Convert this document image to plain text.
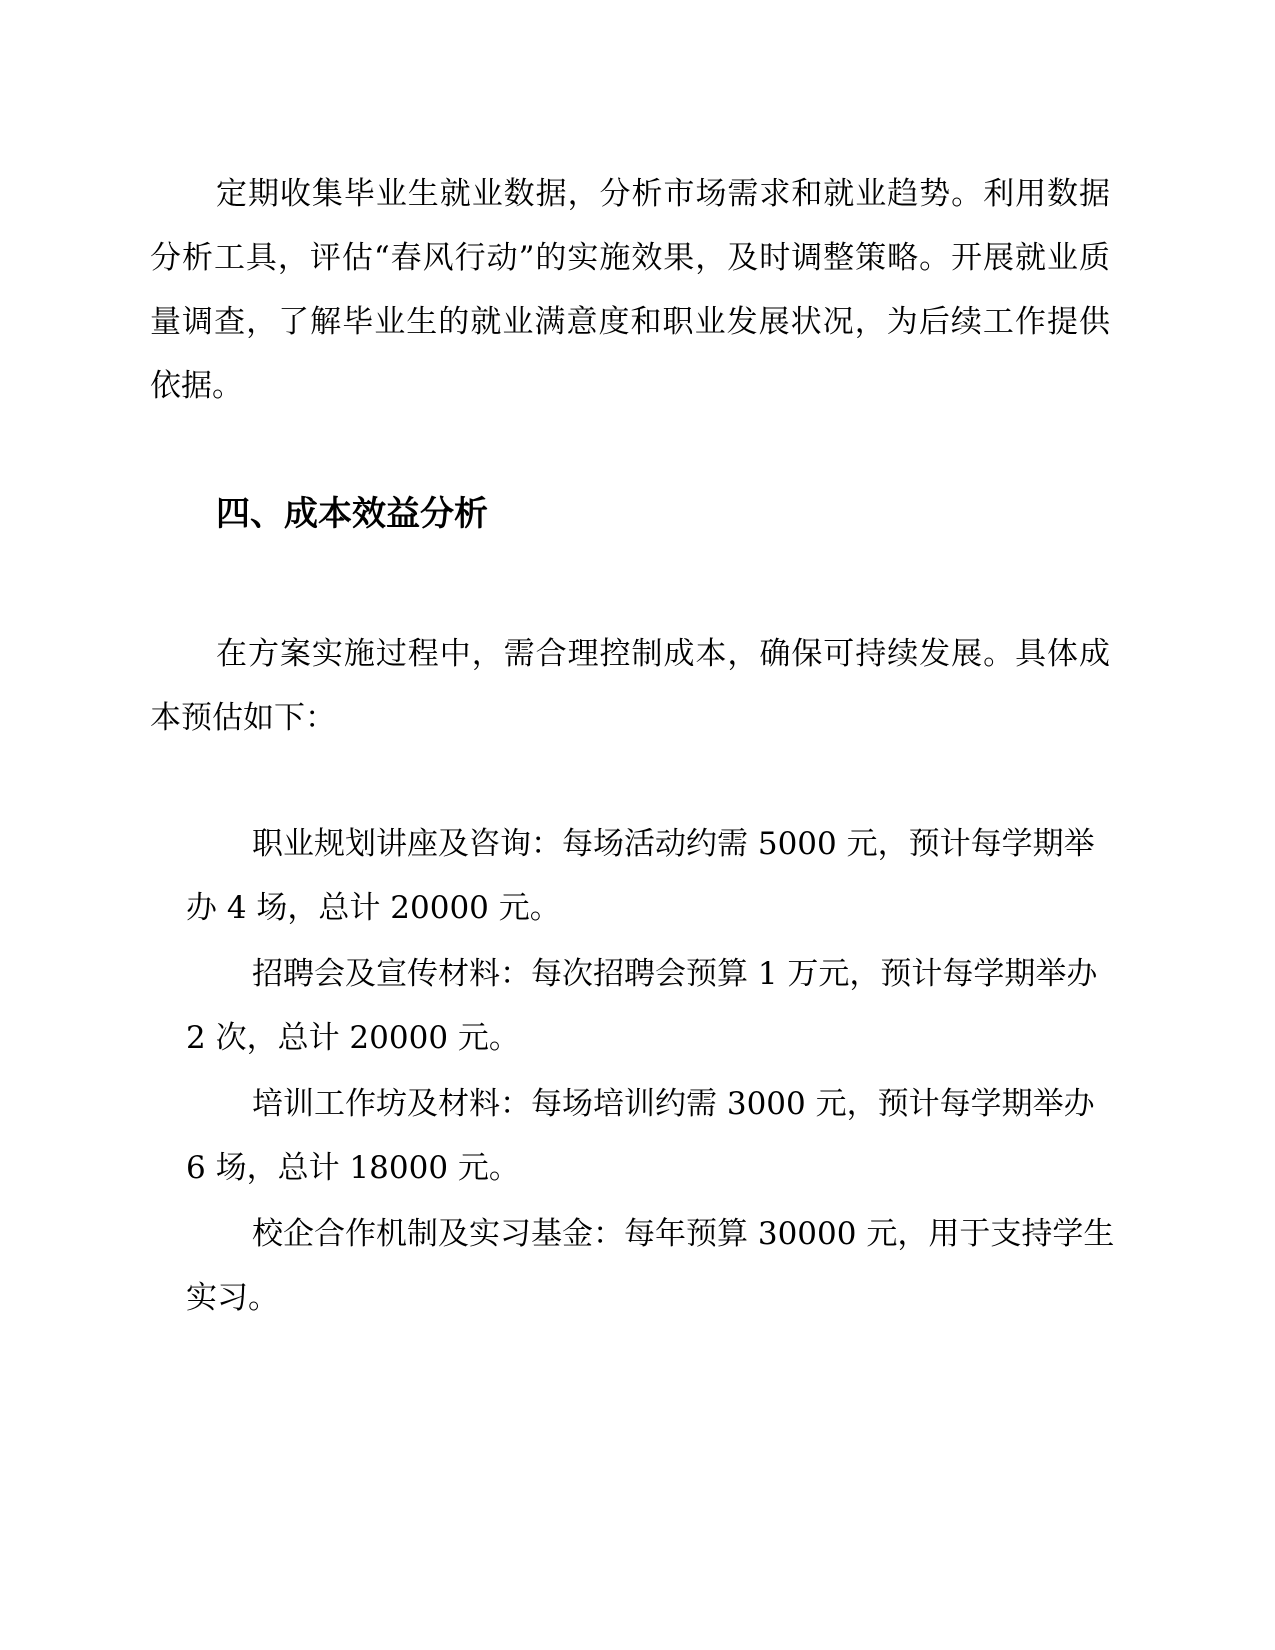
定期收集毕业生就业数据，分析市场需求和就业趋势。利用数据分析工具，评估“春风行动”的实施效果，及时调整策略。开展就业质量调查，了解毕业生的就业满意度和职业发展状况，为后续工作提供依据。

四、成本效益分析

在方案实施过程中，需合理控制成本，确保可持续发展。具体成本预估如下：

职业规划讲座及咨询：每场活动约需 5000 元，预计每学期举办 4 场，总计 20000 元。

招聘会及宣传材料：每次招聘会预算 1 万元，预计每学期举办 2 次，总计 20000 元。

培训工作坊及材料：每场培训约需 3000 元，预计每学期举办 6 场，总计 18000 元。

校企合作机制及实习基金：每年预算 30000 元，用于支持学生实习。
